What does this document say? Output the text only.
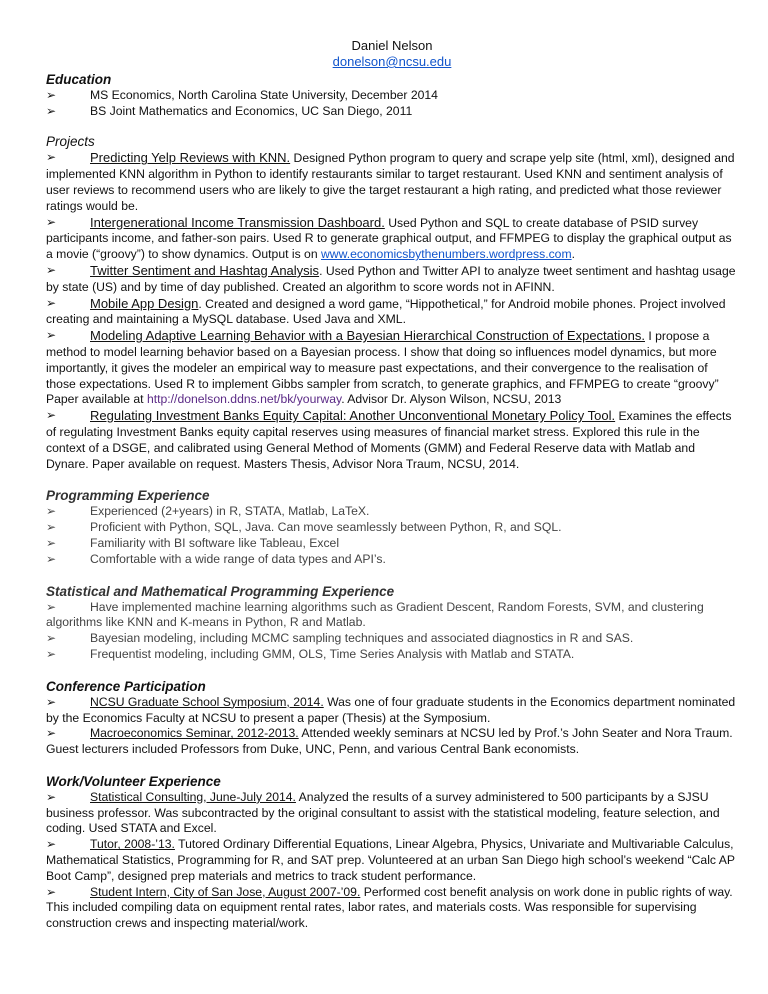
Daniel Nelson
donelson@ncsu.edu
Education
➢	MS Economics, North Carolina State University, December 2014
➢	BS Joint Mathematics and Economics, UC San Diego, 2011
Projects
➢	Predicting Yelp Reviews with KNN. Designed Python program to query and scrape yelp site (html, xml), designed and implemented KNN algorithm in Python to identify restaurants similar to target restaurant. Used KNN and sentiment analysis of user reviews to recommend users who are likely to give the target restaurant a high rating, and predicted what those reviewer ratings would be.
➢	Intergenerational Income Transmission Dashboard. Used Python and SQL to create database of PSID survey participants income, and father-son pairs. Used R to generate graphical output, and FFMPEG to display the graphical output as a movie (“groovy”) to show dynamics. Output is on www.economicsbythenumbers.wordpress.com.
➢	Twitter Sentiment and Hashtag Analysis. Used Python and Twitter API to analyze tweet sentiment and hashtag usage by state (US) and by time of day published. Created an algorithm to score words not in AFINN.
➢	Mobile App Design. Created and designed a word game, “Hippothetical,” for Android mobile phones. Project involved creating and maintaining a MySQL database. Used Java and XML.
➢	Modeling Adaptive Learning Behavior with a Bayesian Hierarchical Construction of Expectations. I propose a method to model learning behavior based on a Bayesian process. I show that doing so influences model dynamics, but more importantly, it gives the modeler an empirical way to measure past expectations, and their convergence to the realisation of those expectations. Used R to implement Gibbs sampler from scratch, to generate graphics, and FFMPEG to create “groovy” Paper available at http://donelson.ddns.net/bk/yourway. Advisor Dr. Alyson Wilson, NCSU, 2013
➢	Regulating Investment Banks Equity Capital: Another Unconventional Monetary Policy Tool. Examines the effects of regulating Investment Banks equity capital reserves using measures of financial market stress. Explored this rule in the context of a DSGE, and calibrated using General Method of Moments (GMM) and Federal Reserve data with Matlab and Dynare. Paper available on request. Masters Thesis, Advisor Nora Traum, NCSU, 2014.
Programming Experience
➢	Experienced (2+years) in R, STATA, Matlab, LaTeX.
➢	Proficient with Python, SQL, Java. Can move seamlessly between Python, R, and SQL.
➢	Familiarity with BI software like Tableau, Excel
➢	Comfortable with a wide range of data types and API’s.
Statistical and Mathematical Programming Experience
➢	Have implemented machine learning algorithms such as Gradient Descent, Random Forests, SVM, and clustering algorithms like KNN and K-means in Python, R and Matlab.
➢	Bayesian modeling, including MCMC sampling techniques and associated diagnostics in R and SAS.
➢	Frequentist modeling, including GMM, OLS, Time Series Analysis with Matlab and STATA.
Conference Participation
➢	NCSU Graduate School Symposium, 2014. Was one of four graduate students in the Economics department nominated by the Economics Faculty at NCSU to present a paper (Thesis) at the Symposium.
➢	Macroeconomics Seminar, 2012-2013. Attended weekly seminars at NCSU led by Prof.’s John Seater and Nora Traum. Guest lecturers included Professors from Duke, UNC, Penn, and various Central Bank economists.
Work/Volunteer Experience
➢	Statistical Consulting, June-July 2014. Analyzed the results of a survey administered to 500 participants by a SJSU business professor. Was subcontracted by the original consultant to assist with the statistical modeling, feature selection, and coding. Used STATA and Excel.
➢	Tutor, 2008-’13. Tutored Ordinary Differential Equations, Linear Algebra, Physics, Univariate and Multivariable Calculus, Mathematical Statistics, Programming for R, and SAT prep. Volunteered at an urban San Diego high school’s weekend “Calc AP Boot Camp”, designed prep materials and metrics to track student performance.
➢	Student Intern, City of San Jose, August 2007-’09. Performed cost benefit analysis on work done in public rights of way. This included compiling data on equipment rental rates, labor rates, and materials costs. Was responsible for supervising construction crews and inspecting material/work.
